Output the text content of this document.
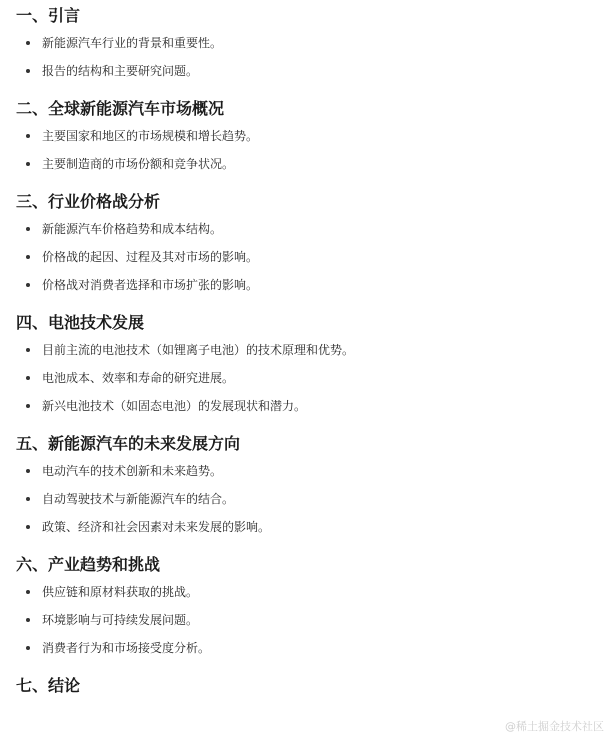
一、引言
新能源汽车行业的背景和重要性。
报告的结构和主要研究问题。
二、全球新能源汽车市场概况
主要国家和地区的市场规模和增长趋势。
主要制造商的市场份额和竞争状况。
三、行业价格战分析
新能源汽车价格趋势和成本结构。
价格战的起因、过程及其对市场的影响。
价格战对消费者选择和市场扩张的影响。
四、电池技术发展
目前主流的电池技术（如锂离子电池）的技术原理和优势。
电池成本、效率和寿命的研究进展。
新兴电池技术（如固态电池）的发展现状和潜力。
五、新能源汽车的未来发展方向
电动汽车的技术创新和未来趋势。
自动驾驶技术与新能源汽车的结合。
政策、经济和社会因素对未来发展的影响。
六、产业趋势和挑战
供应链和原材料获取的挑战。
环境影响与可持续发展问题。
消费者行为和市场接受度分析。
七、结论
@稀土掘金技术社区
